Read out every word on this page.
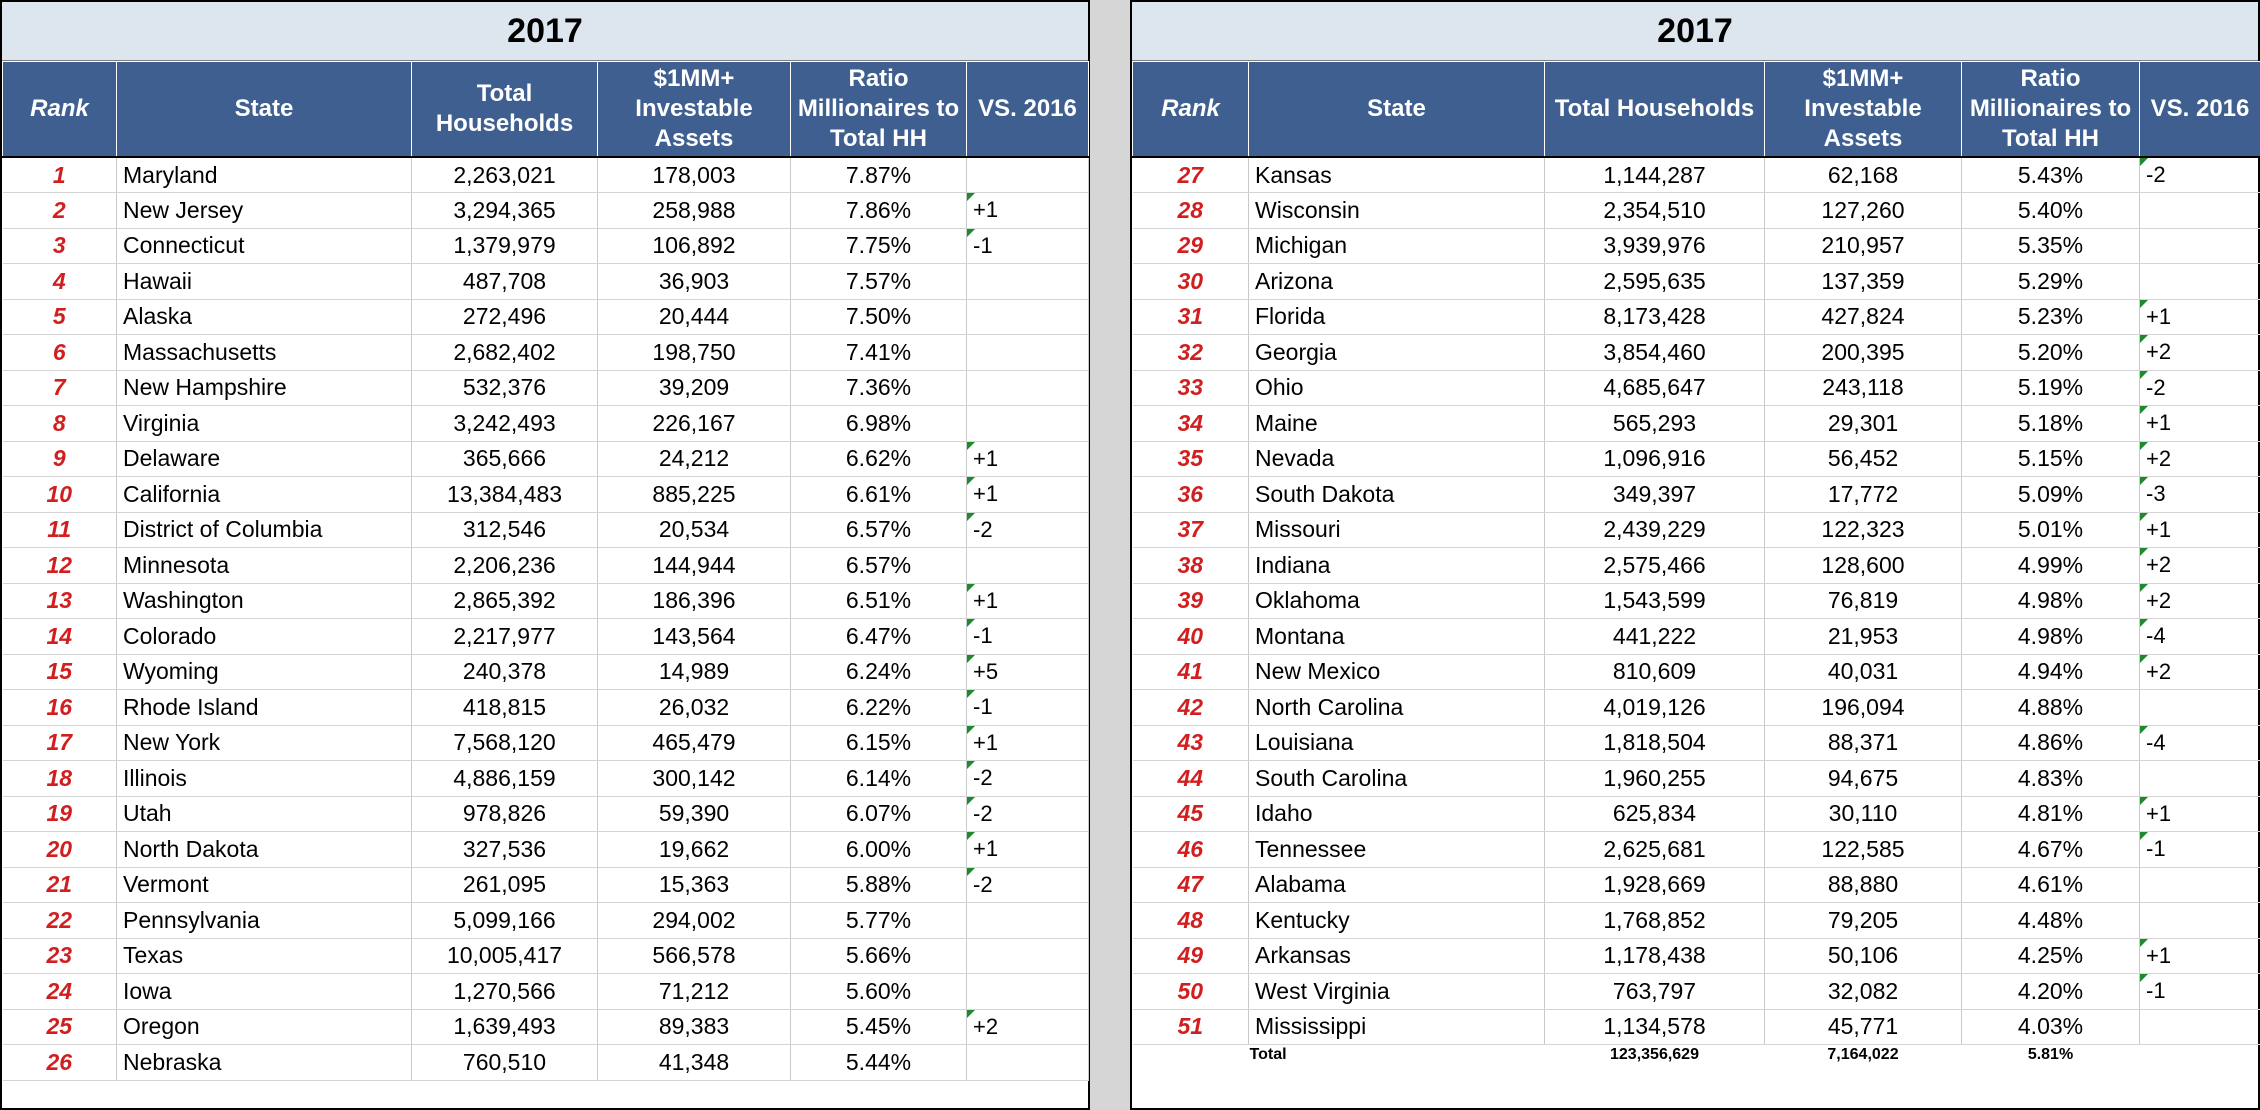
2017
Rank	State	Total Households	$1MM+ Investable Assets	Ratio Millionaires to Total HH	VS. 2016
1	Maryland	2,263,021	178,003	7.87%	
2	New Jersey	3,294,365	258,988	7.86%	+1
3	Connecticut	1,379,979	106,892	7.75%	-1
4	Hawaii	487,708	36,903	7.57%	
5	Alaska	272,496	20,444	7.50%	
6	Massachusetts	2,682,402	198,750	7.41%	
7	New Hampshire	532,376	39,209	7.36%	
8	Virginia	3,242,493	226,167	6.98%	
9	Delaware	365,666	24,212	6.62%	+1
10	California	13,384,483	885,225	6.61%	+1
11	District of Columbia	312,546	20,534	6.57%	-2
12	Minnesota	2,206,236	144,944	6.57%	
13	Washington	2,865,392	186,396	6.51%	+1
14	Colorado	2,217,977	143,564	6.47%	-1
15	Wyoming	240,378	14,989	6.24%	+5
16	Rhode Island	418,815	26,032	6.22%	-1
17	New York	7,568,120	465,479	6.15%	+1
18	Illinois	4,886,159	300,142	6.14%	-2
19	Utah	978,826	59,390	6.07%	-2
20	North Dakota	327,536	19,662	6.00%	+1
21	Vermont	261,095	15,363	5.88%	-2
22	Pennsylvania	5,099,166	294,002	5.77%	
23	Texas	10,005,417	566,578	5.66%	
24	Iowa	1,270,566	71,212	5.60%	
25	Oregon	1,639,493	89,383	5.45%	+2
26	Nebraska	760,510	41,348	5.44%	
2017
Rank	State	Total Households	$1MM+ Investable Assets	Ratio Millionaires to Total HH	VS. 2016
27	Kansas	1,144,287	62,168	5.43%	-2
28	Wisconsin	2,354,510	127,260	5.40%	
29	Michigan	3,939,976	210,957	5.35%	
30	Arizona	2,595,635	137,359	5.29%	
31	Florida	8,173,428	427,824	5.23%	+1
32	Georgia	3,854,460	200,395	5.20%	+2
33	Ohio	4,685,647	243,118	5.19%	-2
34	Maine	565,293	29,301	5.18%	+1
35	Nevada	1,096,916	56,452	5.15%	+2
36	South Dakota	349,397	17,772	5.09%	-3
37	Missouri	2,439,229	122,323	5.01%	+1
38	Indiana	2,575,466	128,600	4.99%	+2
39	Oklahoma	1,543,599	76,819	4.98%	+2
40	Montana	441,222	21,953	4.98%	-4
41	New Mexico	810,609	40,031	4.94%	+2
42	North Carolina	4,019,126	196,094	4.88%	
43	Louisiana	1,818,504	88,371	4.86%	-4
44	South Carolina	1,960,255	94,675	4.83%	
45	Idaho	625,834	30,110	4.81%	+1
46	Tennessee	2,625,681	122,585	4.67%	-1
47	Alabama	1,928,669	88,880	4.61%	
48	Kentucky	1,768,852	79,205	4.48%	
49	Arkansas	1,178,438	50,106	4.25%	+1
50	West Virginia	763,797	32,082	4.20%	-1
51	Mississippi	1,134,578	45,771	4.03%	
	Total	123,356,629	7,164,022	5.81%	
